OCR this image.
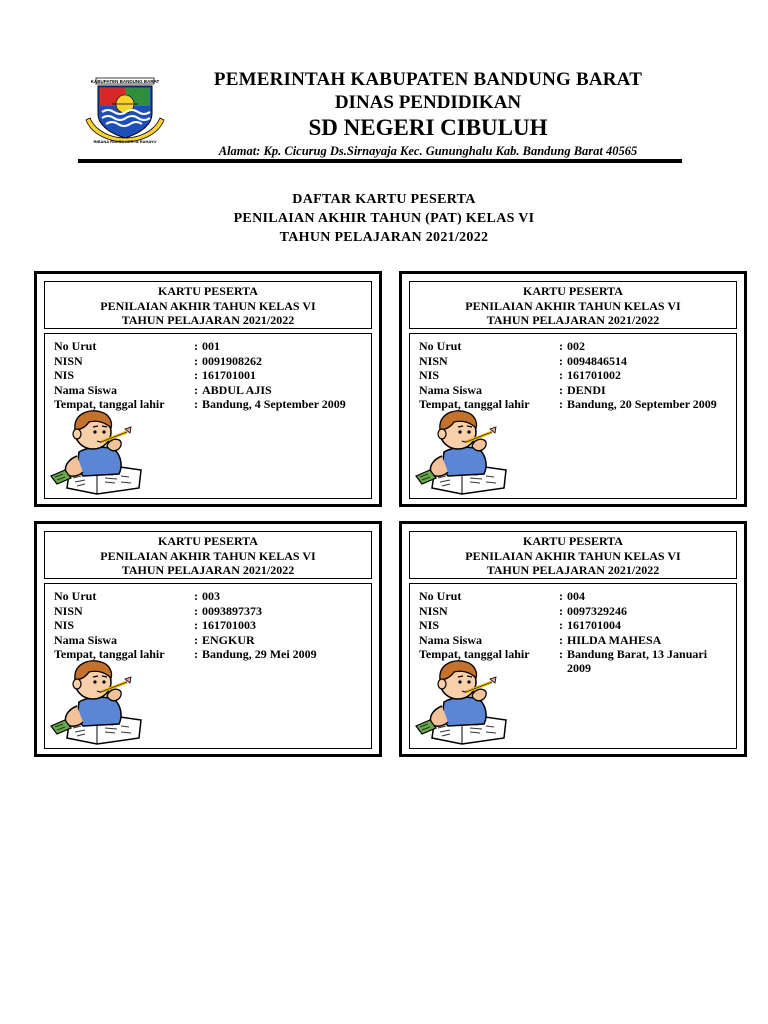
KABUPATEN BANDUNG BARAT
RIBANA RAKSA KERTA RAHAYU
PEMERINTAH KABUPATEN BANDUNG BARAT
DINAS PENDIDIKAN
SD NEGERI CIBULUH
Alamat: Kp. Cicurug Ds.Sirnayaja Kec. Gununghalu Kab. Bandung Barat 40565
DAFTAR KARTU PESERTA
PENILAIAN AKHIR TAHUN (PAT) KELAS VI
TAHUN PELAJARAN 2021/2022
KARTU PESERTA
PENILAIAN AKHIR TAHUN KELAS VI
TAHUN PELAJARAN 2021/2022
No Urut	: 001
NISN	: 0091908262
NIS	: 161701001
Nama Siswa	: ABDUL AJIS
Tempat, tanggal lahir	: Bandung, 4 September 2009
KARTU PESERTA
PENILAIAN AKHIR TAHUN KELAS VI
TAHUN PELAJARAN 2021/2022
No Urut	: 002
NISN	: 0094846514
NIS	: 161701002
Nama Siswa	: DENDI
Tempat, tanggal lahir	: Bandung, 20 September 2009
KARTU PESERTA
PENILAIAN AKHIR TAHUN KELAS VI
TAHUN PELAJARAN 2021/2022
No Urut	: 003
NISN	: 0093897373
NIS	: 161701003
Nama Siswa	: ENGKUR
Tempat, tanggal lahir	: Bandung, 29 Mei 2009
KARTU PESERTA
PENILAIAN AKHIR TAHUN KELAS VI
TAHUN PELAJARAN 2021/2022
No Urut	: 004
NISN	: 0097329246
NIS	: 161701004
Nama Siswa	: HILDA MAHESA
Tempat, tanggal lahir	: Bandung Barat, 13 Januari 2009
